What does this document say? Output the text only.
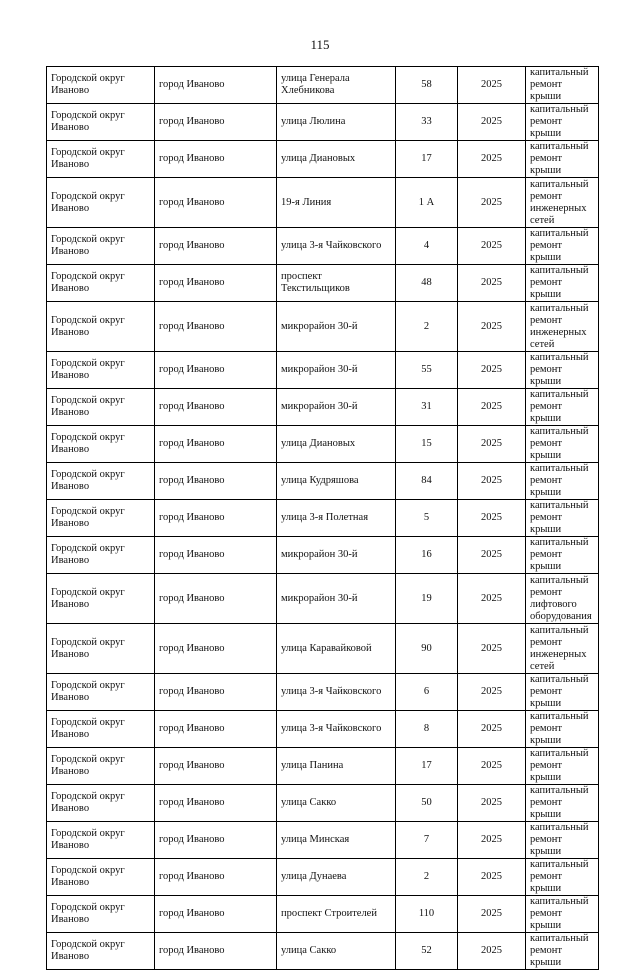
115
Городской округ Иваново	город Иваново	улица Генерала Хлебникова	58	2025	капитальный ремонт крыши
Городской округ Иваново	город Иваново	улица Люлина	33	2025	капитальный ремонт крыши
Городской округ Иваново	город Иваново	улица Диановых	17	2025	капитальный ремонт крыши
Городской округ Иваново	город Иваново	19-я Линия	1 А	2025	капитальный ремонт инженерных сетей
Городской округ Иваново	город Иваново	улица 3-я Чайковского	4	2025	капитальный ремонт крыши
Городской округ Иваново	город Иваново	проспект Текстильщиков	48	2025	капитальный ремонт крыши
Городской округ Иваново	город Иваново	микрорайон 30-й	2	2025	капитальный ремонт инженерных сетей
Городской округ Иваново	город Иваново	микрорайон 30-й	55	2025	капитальный ремонт крыши
Городской округ Иваново	город Иваново	микрорайон 30-й	31	2025	капитальный ремонт крыши
Городской округ Иваново	город Иваново	улица Диановых	15	2025	капитальный ремонт крыши
Городской округ Иваново	город Иваново	улица Кудряшова	84	2025	капитальный ремонт крыши
Городской округ Иваново	город Иваново	улица 3-я Полетная	5	2025	капитальный ремонт крыши
Городской округ Иваново	город Иваново	микрорайон 30-й	16	2025	капитальный ремонт крыши
Городской округ Иваново	город Иваново	микрорайон 30-й	19	2025	капитальный ремонт лифтового оборудования
Городской округ Иваново	город Иваново	улица Каравайковой	90	2025	капитальный ремонт инженерных сетей
Городской округ Иваново	город Иваново	улица 3-я Чайковского	6	2025	капитальный ремонт крыши
Городской округ Иваново	город Иваново	улица 3-я Чайковского	8	2025	капитальный ремонт крыши
Городской округ Иваново	город Иваново	улица Панина	17	2025	капитальный ремонт крыши
Городской округ Иваново	город Иваново	улица Сакко	50	2025	капитальный ремонт крыши
Городской округ Иваново	город Иваново	улица Минская	7	2025	капитальный ремонт крыши
Городской округ Иваново	город Иваново	улица Дунаева	2	2025	капитальный ремонт крыши
Городской округ Иваново	город Иваново	проспект Строителей	110	2025	капитальный ремонт крыши
Городской округ Иваново	город Иваново	улица Сакко	52	2025	капитальный ремонт крыши
